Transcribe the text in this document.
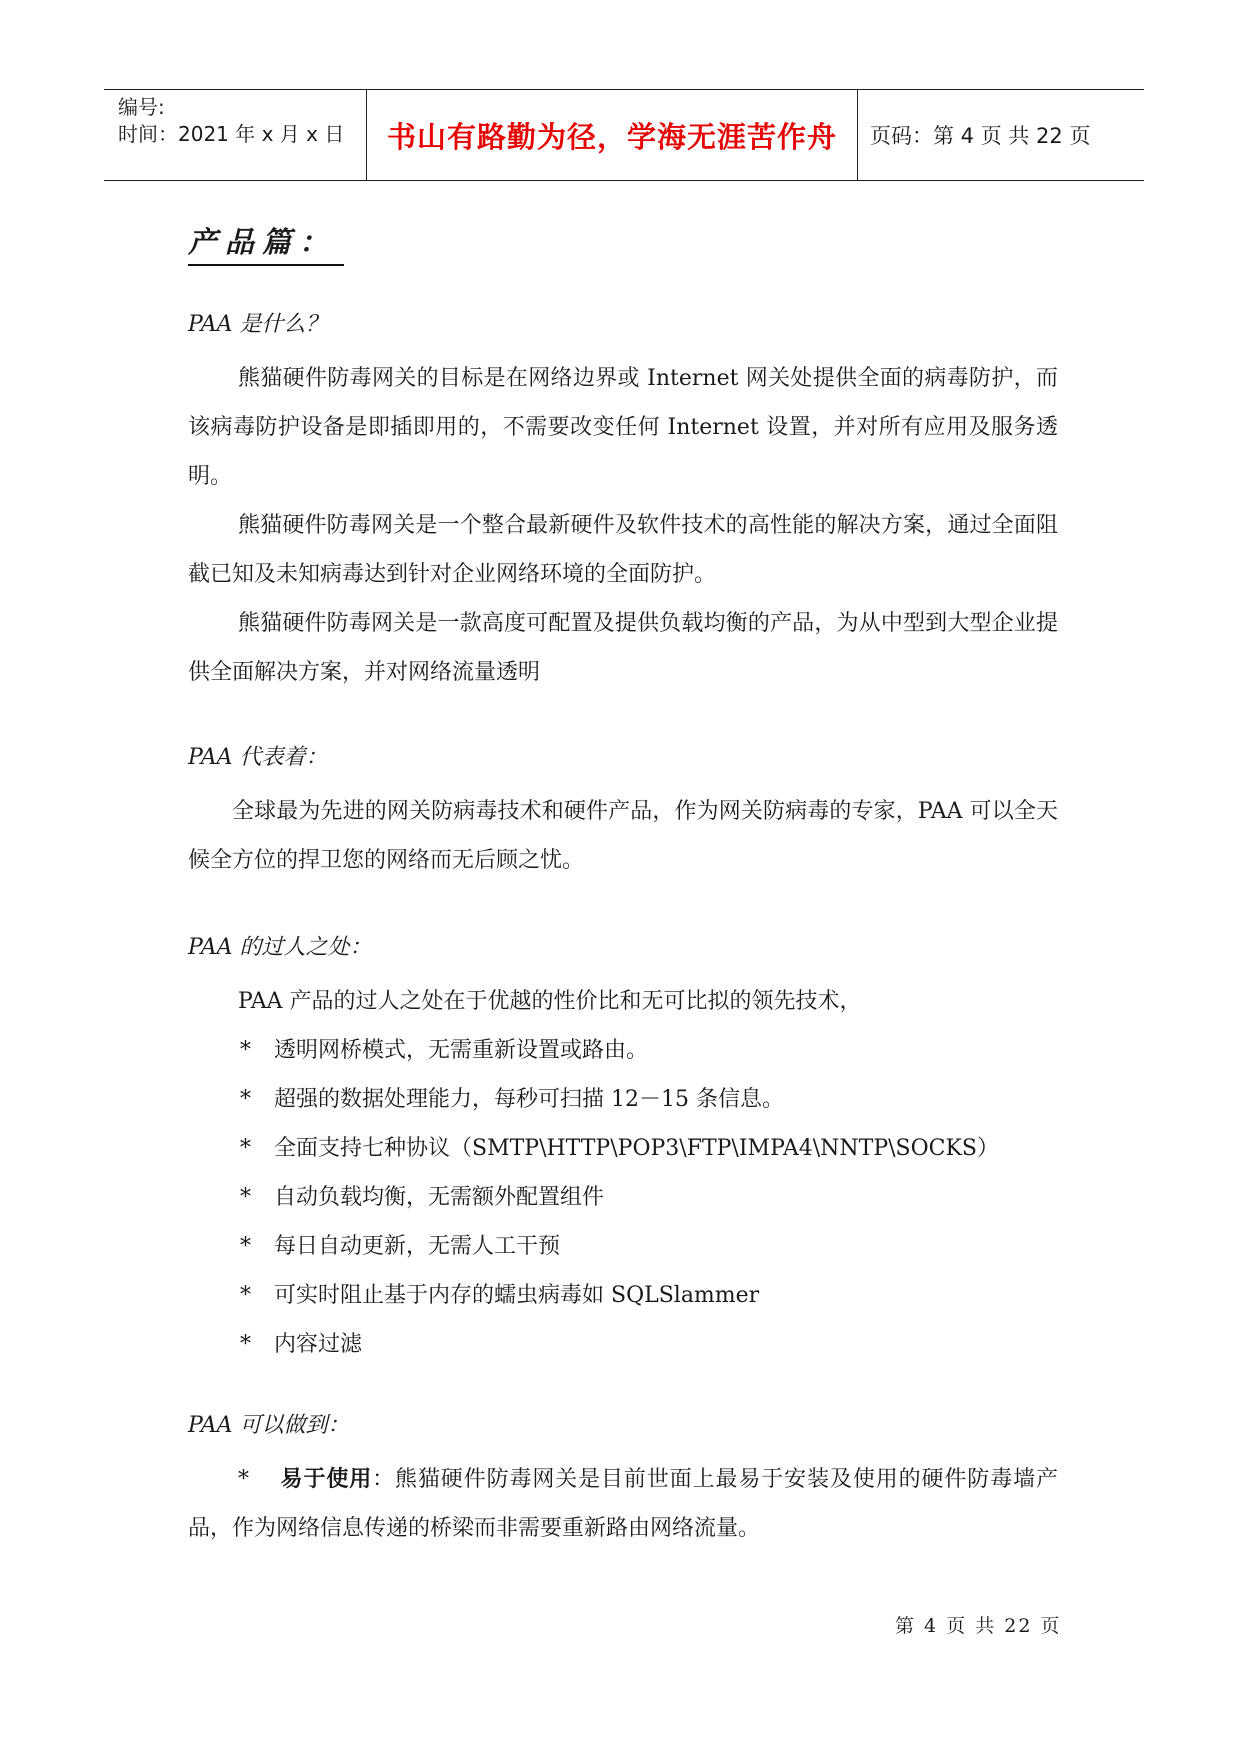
编号:
时间：2021 年 x 月 x 日	书山有路勤为径，学海无涯苦作舟	页码：第 4 页 共 22 页
产品篇：
PAA 是什么？

熊猫硬件防毒网关的目标是在网络边界或 Internet 网关处提供全面的病毒防护，而该病毒防护设备是即插即用的，不需要改变任何 Internet 设置，并对所有应用及服务透明。

熊猫硬件防毒网关是一个整合最新硬件及软件技术的高性能的解决方案，通过全面阻截已知及未知病毒达到针对企业网络环境的全面防护。

熊猫硬件防毒网关是一款高度可配置及提供负载均衡的产品，为从中型到大型企业提供全面解决方案，并对网络流量透明

PAA 代表着：

全球最为先进的网关防病毒技术和硬件产品，作为网关防病毒的专家，PAA 可以全天候全方位的捍卫您的网络而无后顾之忧。

PAA 的过人之处：

PAA 产品的过人之处在于优越的性价比和无可比拟的领先技术，

*	透明网桥模式，无需重新设置或路由。
*	超强的数据处理能力，每秒可扫描 12－15 条信息。
*	全面支持七种协议（SMTP\HTTP\POP3\FTP\IMPA4\NNTP\SOCKS）
*	自动负载均衡，无需额外配置组件
*	每日自动更新，无需人工干预
*	可实时阻止基于内存的蠕虫病毒如 SQLSlammer
*	内容过滤
PAA 可以做到：

* 易于使用：熊猫硬件防毒网关是目前世面上最易于安装及使用的硬件防毒墙产品，作为网络信息传递的桥梁而非需要重新路由网络流量。

第 4 页 共 22 页
